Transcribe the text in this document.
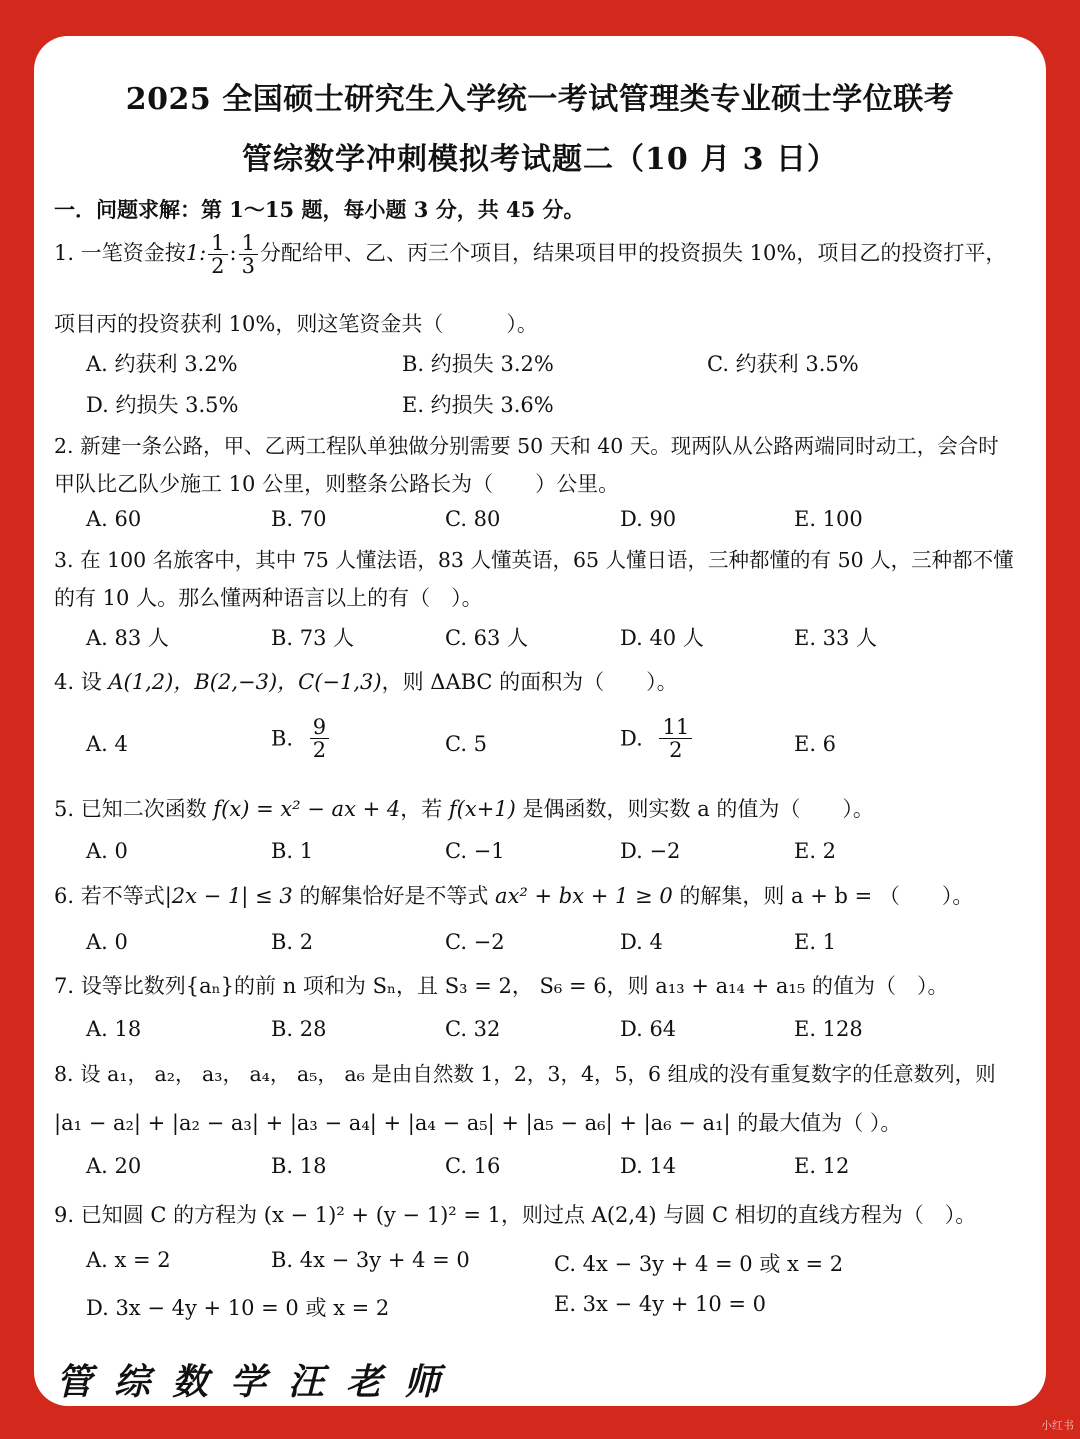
2025 全国硕士研究生入学统一考试管理类专业硕士学位联考
管综数学冲刺模拟考试题二（10 月 3 日）
一．问题求解：第 1～15 题，每小题 3 分，共 45 分。
1. 一笔资金按1: $\frac{1}{2}$ : $\frac{1}{3}$ 分配给甲、乙、丙三个项目，结果项目甲的投资损失 10%，项目乙的投资打平，
项目丙的投资获利 10%，则这笔资金共（　　　）。
A. 约获利 3.2%	B. 约损失 3.2%	C. 约获利 3.5%
D. 约损失 3.5%	E. 约损失 3.6%
2. 新建一条公路，甲、乙两工程队单独做分别需要 50 天和 40 天。现两队从公路两端同时动工，会合时
甲队比乙队少施工 10 公里，则整条公路长为（　　）公里。
A. 60	B. 70	C. 80	D. 90	E. 100
3. 在 100 名旅客中，其中 75 人懂法语，83 人懂英语，65 人懂日语，三种都懂的有 50 人，三种都不懂
的有 10 人。那么懂两种语言以上的有（　）。
A. 83 人	B. 73 人	C. 63 人	D. 40 人	E. 33 人
4. 设 A(1,2)，B(2,−3)，C(−1,3)，则 ΔABC 的面积为（　　）。
A. 4	B. $\frac{9}{2}$	C. 5	D. $\frac{11}{2}$	E. 6
5. 已知二次函数 f(x) = x² − ax + 4，若 f(x+1) 是偶函数，则实数 a 的值为（　　）。
A. 0	B. 1	C. −1	D. −2	E. 2
6. 若不等式|2x − 1| ≤ 3 的解集恰好是不等式 ax² + bx + 1 ≥ 0 的解集，则 a + b = （　　）。
A. 0	B. 2	C. −2	D. 4	E. 1
7. 设等比数列{aₙ}的前 n 项和为 Sₙ，且 S₃ = 2， S₆ = 6，则 a₁₃ + a₁₄ + a₁₅ 的值为（　）。
A. 18	B. 28	C. 32	D. 64	E. 128
8. 设 a₁， a₂， a₃， a₄， a₅， a₆ 是由自然数 1，2，3，4，5，6 组成的没有重复数字的任意数列，则
|a₁ − a₂| + |a₂ − a₃| + |a₃ − a₄| + |a₄ − a₅| + |a₅ − a₆| + |a₆ − a₁| 的最大值为（ ）。
A. 20	B. 18	C. 16	D. 14	E. 12
9. 已知圆 C 的方程为 (x − 1)² + (y − 1)² = 1，则过点 A(2,4) 与圆 C 相切的直线方程为（　）。
A. x = 2	B. 4x − 3y + 4 = 0	C. 4x − 3y + 4 = 0 或 x = 2
D. 3x − 4y + 10 = 0 或 x = 2	E. 3x − 4y + 10 = 0
管综数学汪老师
小红书
